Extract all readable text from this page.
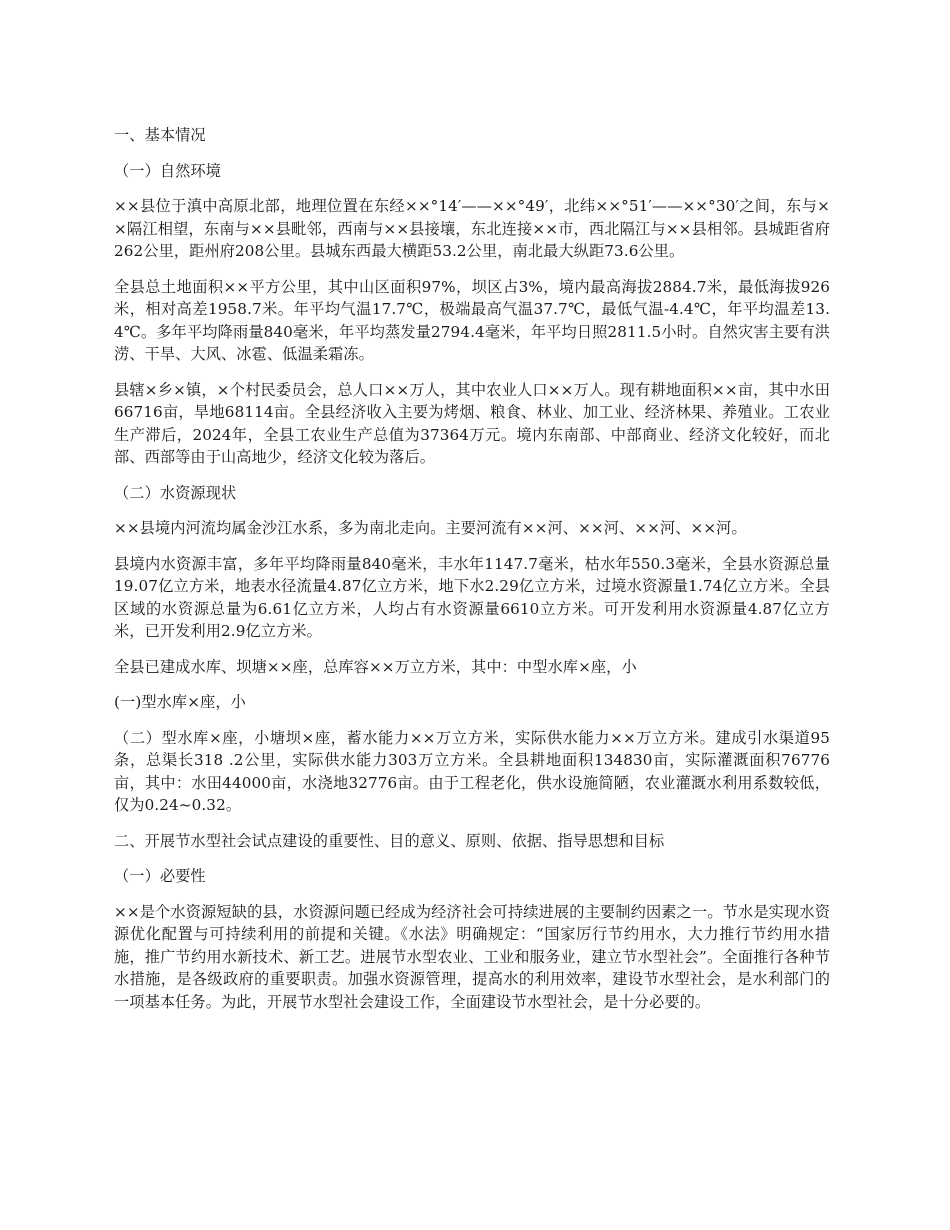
一、基本情况
（一）自然环境
××县位于滇中高原北部，地理位置在东经××°14′——××°49′，北纬××°51′——××°30′之间，东与××隔江相望，东南与××县毗邻，西南与××县接壤，东北连接××市，西北隔江与××县相邻。县城距省府262公里，距州府208公里。县城东西最大横距53.2公里，南北最大纵距73.6公里。
全县总土地面积××平方公里，其中山区面积97%，坝区占3%，境内最高海拔2884.7米，最低海拔926米，相对高差1958.7米。年平均气温17.7℃，极端最高气温37.7℃，最低气温-4.4℃，年平均温差13.4℃。多年平均降雨量840毫米，年平均蒸发量2794.4毫米，年平均日照2811.5小时。自然灾害主要有洪涝、干旱、大风、冰雹、低温柔霜冻。
县辖×乡×镇，×个村民委员会，总人口××万人，其中农业人口××万人。现有耕地面积××亩，其中水田66716亩，旱地68114亩。全县经济收入主要为烤烟、粮食、林业、加工业、经济林果、养殖业。工农业生产滞后，2024年，全县工农业生产总值为37364万元。境内东南部、中部商业、经济文化较好，而北部、西部等由于山高地少，经济文化较为落后。
（二）水资源现状
××县境内河流均属金沙江水系，多为南北走向。主要河流有××河、××河、××河、××河。
县境内水资源丰富，多年平均降雨量840毫米，丰水年1147.7毫米，枯水年550.3毫米，全县水资源总量19.07亿立方米，地表水径流量4.87亿立方米，地下水2.29亿立方米，过境水资源量1.74亿立方米。全县区域的水资源总量为6.61亿立方米，人均占有水资源量6610立方米。可开发利用水资源量4.87亿立方米，已开发利用2.9亿立方米。
全县已建成水库、坝塘××座，总库容××万立方米，其中：中型水库×座，小
(一)型水库×座，小
（二）型水库×座，小塘坝×座，蓄水能力××万立方米，实际供水能力××万立方米。建成引水渠道95条，总渠长318 .2公里，实际供水能力303万立方米。全县耕地面积134830亩，实际灌溉面积76776亩，其中：水田44000亩，水浇地32776亩。由于工程老化，供水设施简陋，农业灌溉水利用系数较低，仅为0.24~0.32。
二、开展节水型社会试点建设的重要性、目的意义、原则、依据、指导思想和目标
（一）必要性
××是个水资源短缺的县，水资源问题已经成为经济社会可持续进展的主要制约因素之一。节水是实现水资源优化配置与可持续利用的前提和关键。《水法》明确规定：“国家厉行节约用水，大力推行节约用水措施，推广节约用水新技术、新工艺。进展节水型农业、工业和服务业，建立节水型社会”。全面推行各种节水措施，是各级政府的重要职责。加强水资源管理，提高水的利用效率，建设节水型社会，是水利部门的一项基本任务。为此，开展节水型社会建设工作，全面建设节水型社会，是十分必要的。
